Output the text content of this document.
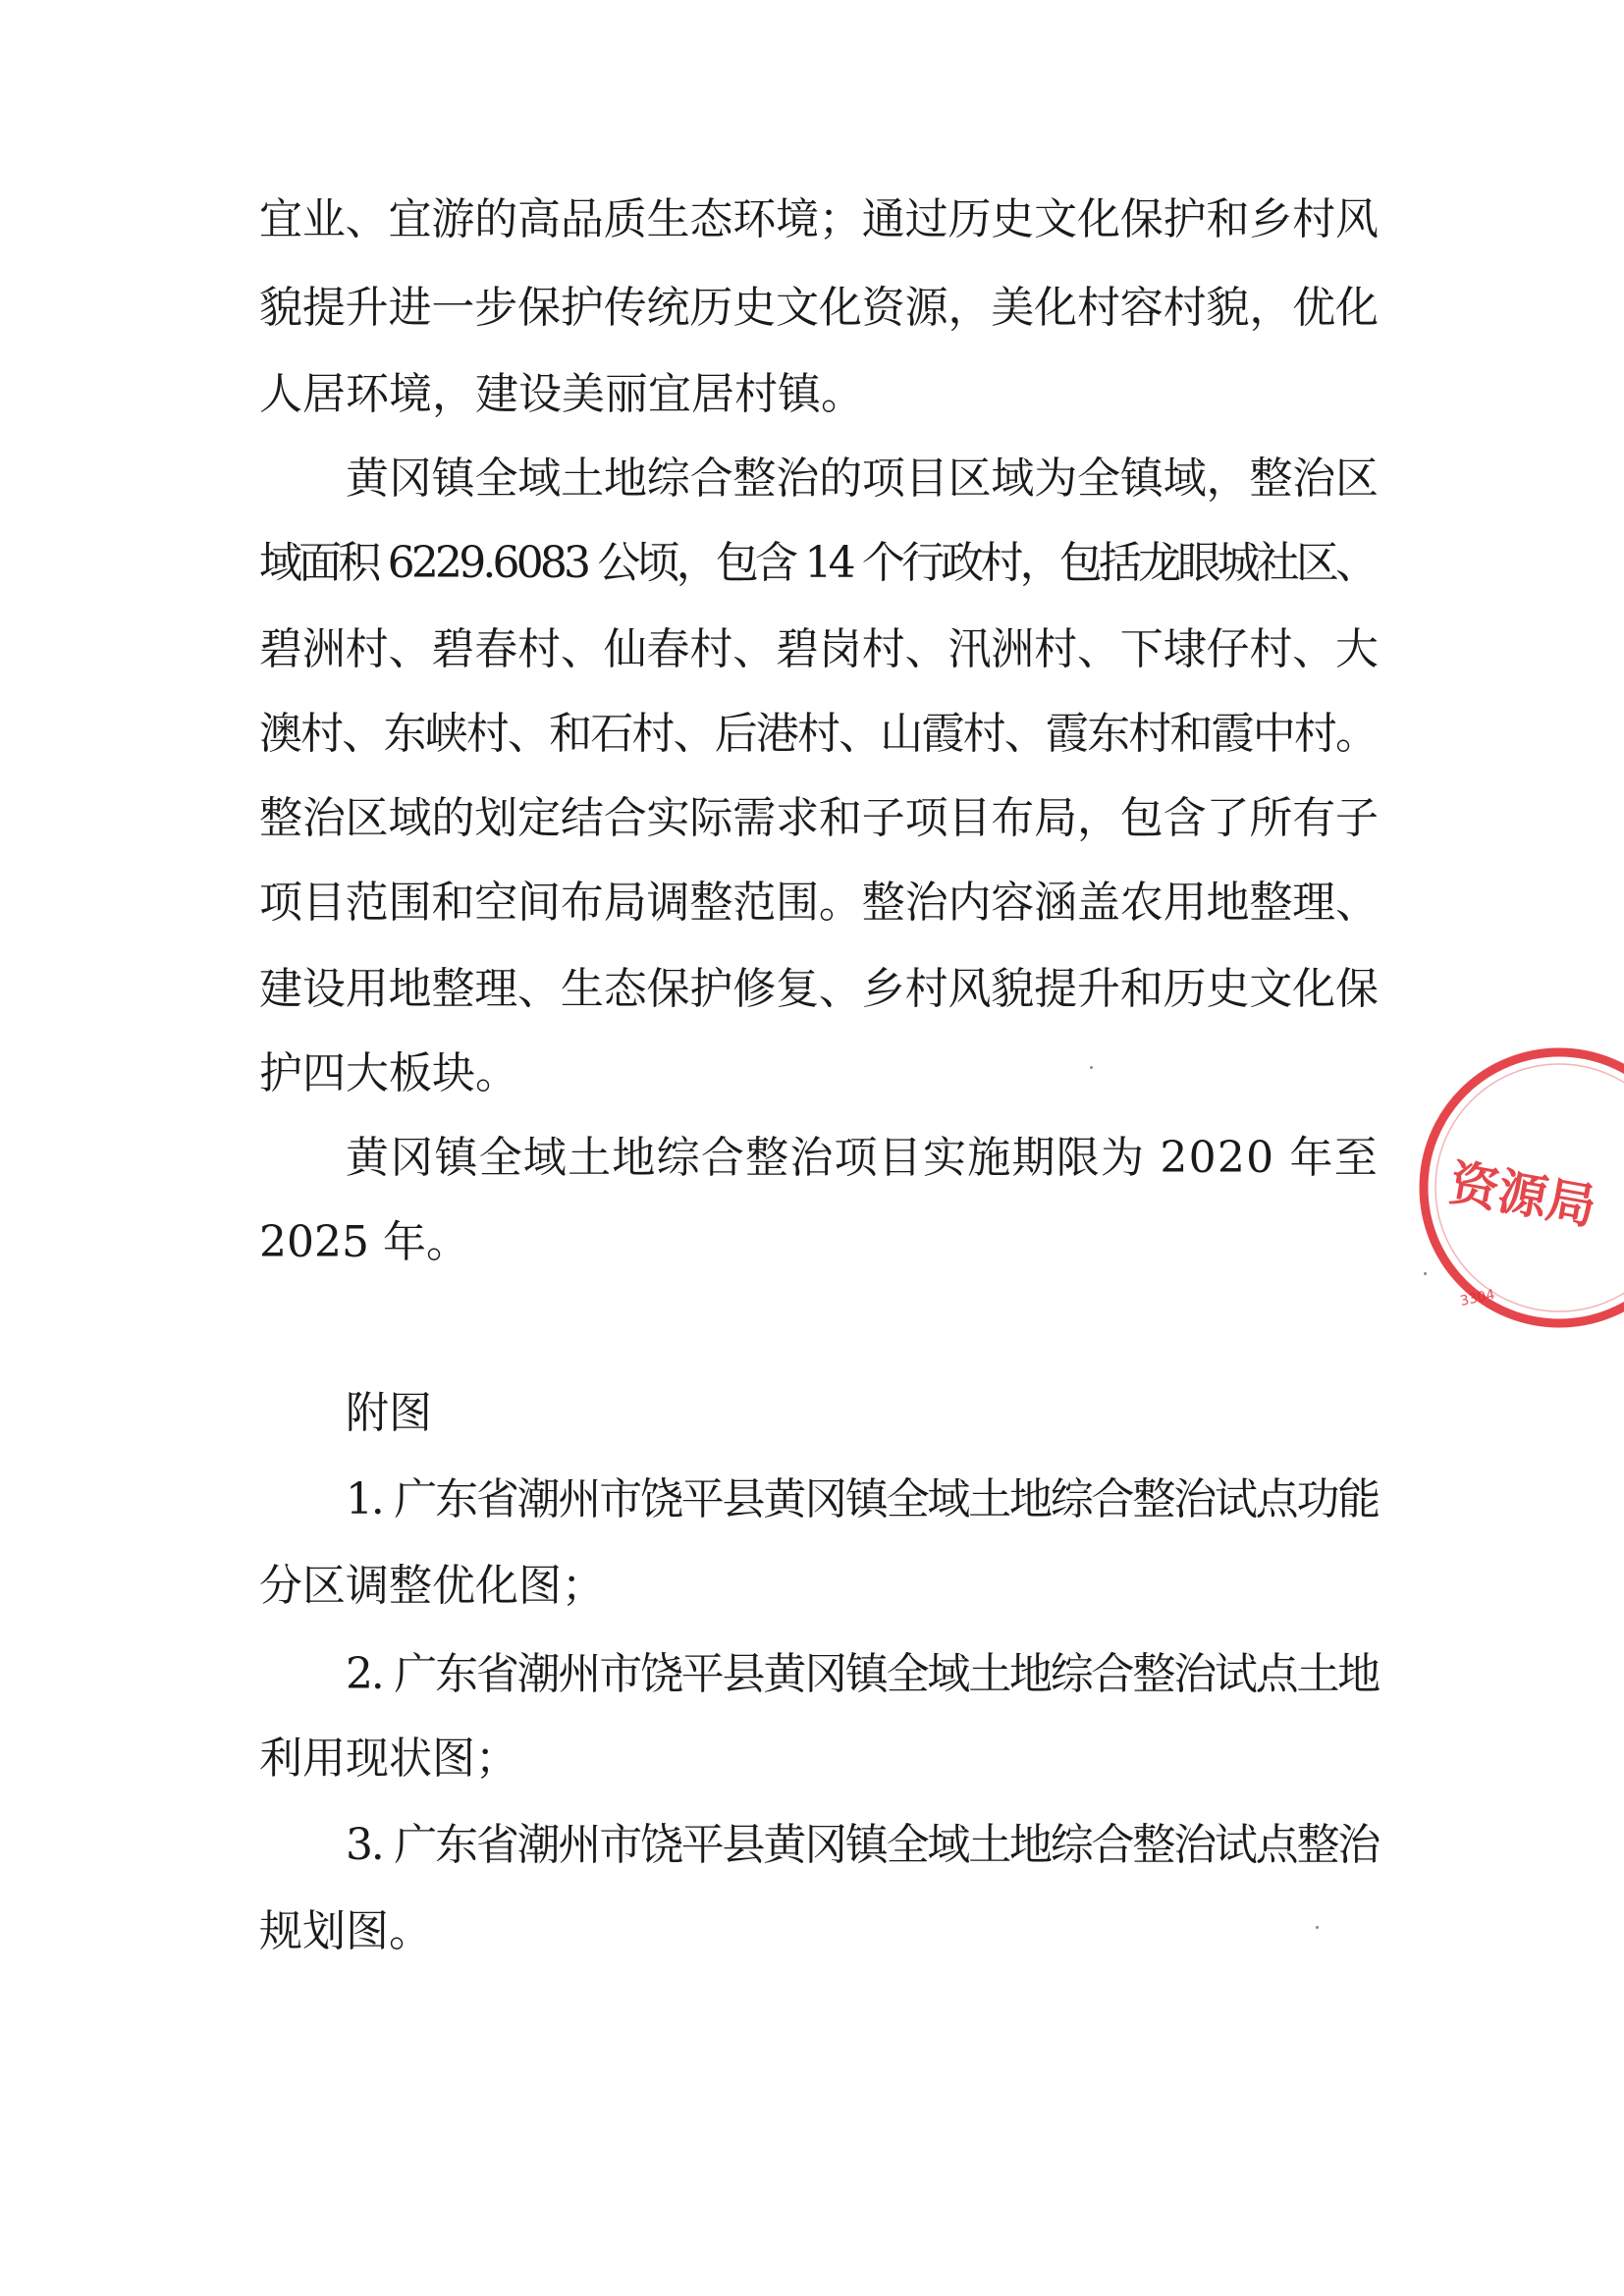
宜业、宜游的高品质生态环境；通过历史文化保护和乡村风
貌提升进一步保护传统历史文化资源，美化村容村貌，优化
人居环境，建设美丽宜居村镇。
黄冈镇全域土地综合整治的项目区域为全镇域，整治区
域面积 6229.6083 公顷，包含 14 个行政村，包括龙眼城社区、
碧洲村、碧春村、仙春村、碧岗村、汛洲村、下埭仔村、大
澳村、东峡村、和石村、后港村、山霞村、霞东村和霞中村。
整治区域的划定结合实际需求和子项目布局，包含了所有子
项目范围和空间布局调整范围。整治内容涵盖农用地整理、
建设用地整理、生态保护修复、乡村风貌提升和历史文化保
护四大板块。
黄冈镇全域土地综合整治项目实施期限为 2020 年至
2025 年。
附图
1. 广东省潮州市饶平县黄冈镇全域土地综合整治试点功能
分区调整优化图；
2. 广东省潮州市饶平县黄冈镇全域土地综合整治试点土地
利用现状图；
3. 广东省潮州市饶平县黄冈镇全域土地综合整治试点整治
规划图。
资源局
3304
